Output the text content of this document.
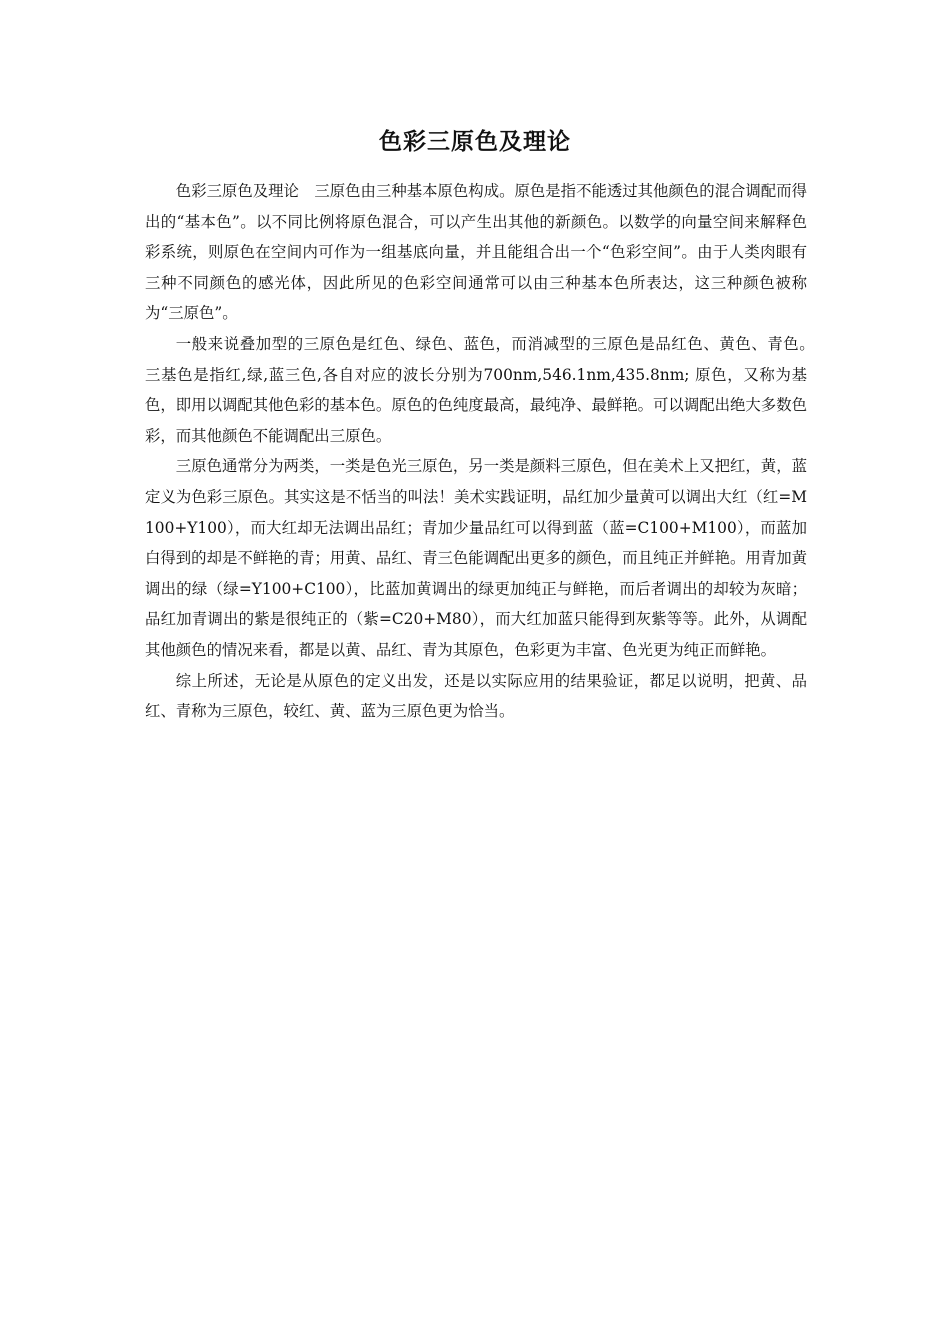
色彩三原色及理论

色彩三原色及理论　三原色由三种基本原色构成。原色是指不能透过其他颜色的混合调配而得出的“基本色”。以不同比例将原色混合，可以产生出其他的新颜色。以数学的向量空间来解释色彩系统，则原色在空间内可作为一组基底向量，并且能组合出一个“色彩空间”。由于人类肉眼有三种不同颜色的感光体，因此所见的色彩空间通常可以由三种基本色所表达，这三种颜色被称为“三原色”。

一般来说叠加型的三原色是红色、绿色、蓝色，而消减型的三原色是品红色、黄色、青色。　三基色是指红,绿,蓝三色,各自对应的波长分别为700nm,546.1nm,435.8nm; 原色，又称为基色，即用以调配其他色彩的基本色。原色的色纯度最高，最纯净、最鲜艳。可以调配出绝大多数色彩，而其他颜色不能调配出三原色。

三原色通常分为两类，一类是色光三原色，另一类是颜料三原色，但在美术上又把红，黄，蓝定义为色彩三原色。其实这是不恬当的叫法！美术实践证明，品红加少量黄可以调出大红（红=M100+Y100），而大红却无法调出品红；青加少量品红可以得到蓝（蓝=C100+M100），而蓝加白得到的却是不鲜艳的青；用黄、品红、青三色能调配出更多的颜色，而且纯正并鲜艳。用青加黄调出的绿（绿=Y100+C100），比蓝加黄调出的绿更加纯正与鲜艳，而后者调出的却较为灰暗；品红加青调出的紫是很纯正的（紫=C20+M80），而大红加蓝只能得到灰紫等等。此外，从调配其他颜色的情况来看，都是以黄、品红、青为其原色，色彩更为丰富、色光更为纯正而鲜艳。

综上所述，无论是从原色的定义出发，还是以实际应用的结果验证，都足以说明，把黄、品红、青称为三原色，较红、黄、蓝为三原色更为恰当。
